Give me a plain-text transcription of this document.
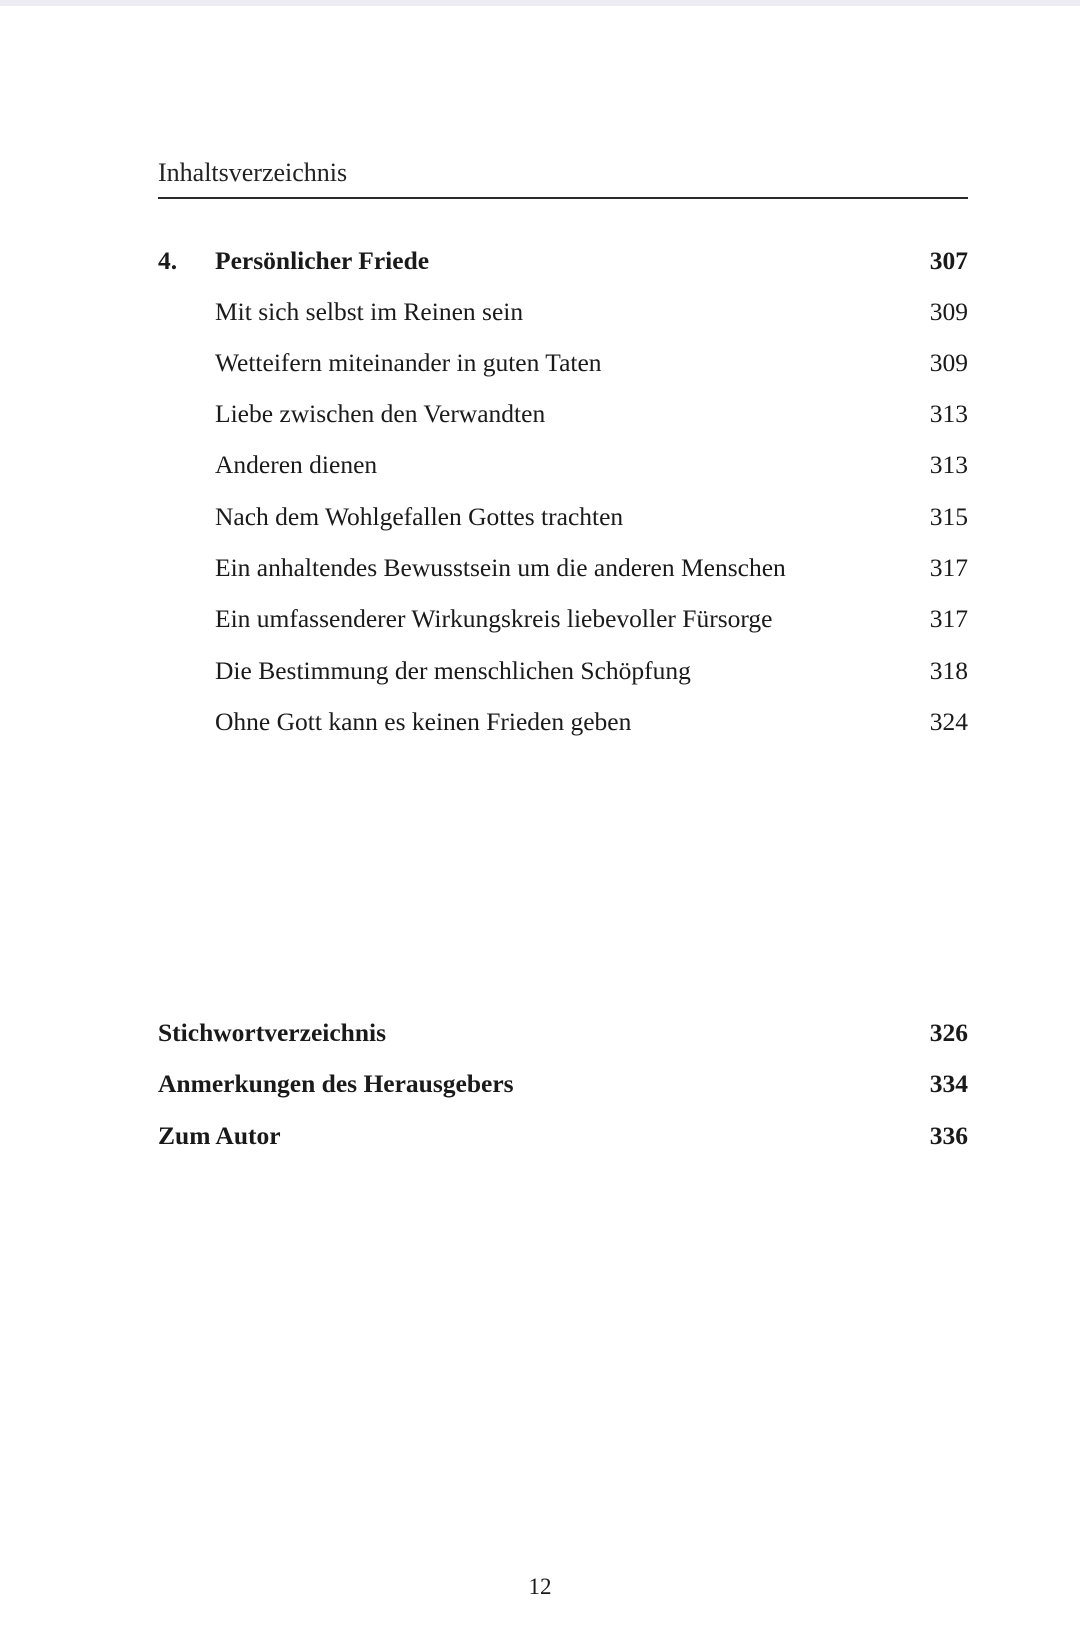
Inhaltsverzeichnis
4. Persönlicher Friede	307
Mit sich selbst im Reinen sein	309
Wetteifern miteinander in guten Taten	309
Liebe zwischen den Verwandten	313
Anderen dienen	313
Nach dem Wohlgefallen Gottes trachten	315
Ein anhaltendes Bewusstsein um die anderen Menschen	317
Ein umfassenderer Wirkungskreis liebevoller Fürsorge	317
Die Bestimmung der menschlichen Schöpfung	318
Ohne Gott kann es keinen Frieden geben	324
Stichwortverzeichnis	326
Anmerkungen des Herausgebers	334
Zum Autor	336
12
